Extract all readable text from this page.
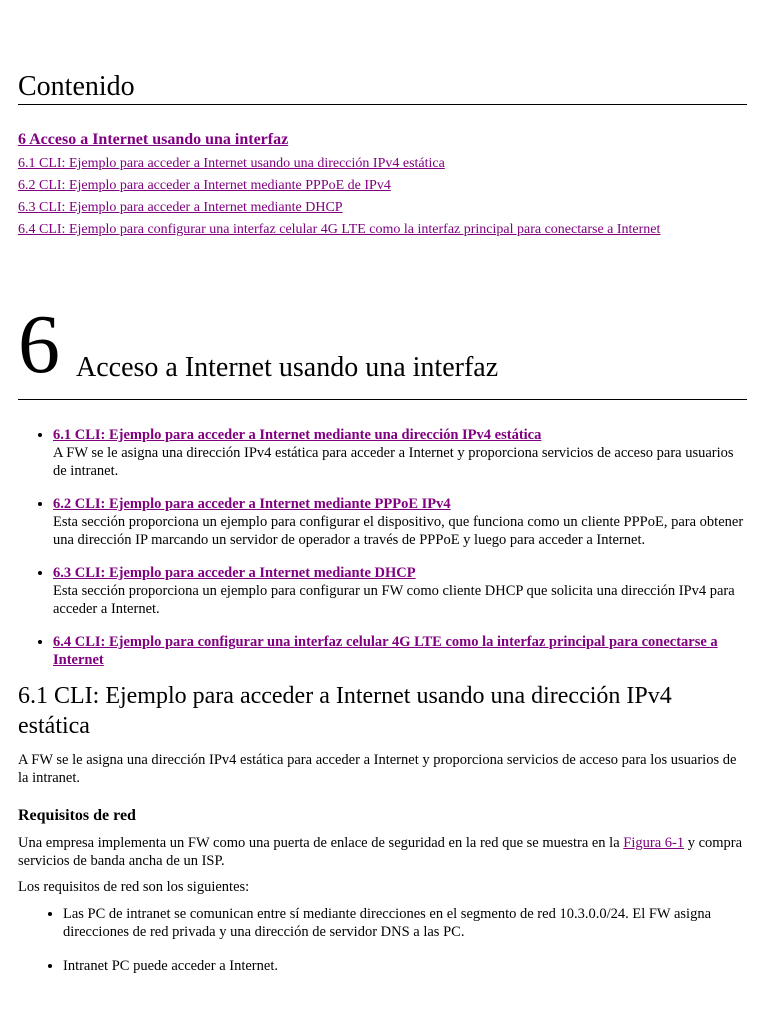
Contenido
6 Acceso a Internet usando una interfaz
6.1 CLI: Ejemplo para acceder a Internet usando una dirección IPv4 estática
6.2 CLI: Ejemplo para acceder a Internet mediante PPPoE de IPv4
6.3 CLI: Ejemplo para acceder a Internet mediante DHCP
6.4 CLI: Ejemplo para configurar una interfaz celular 4G LTE como la interfaz principal para conectarse a Internet
6 Acceso a Internet usando una interfaz
• 6.1 CLI: Ejemplo para acceder a Internet mediante una dirección IPv4 estática
A FW se le asigna una dirección IPv4 estática para acceder a Internet y proporciona servicios de acceso para usuarios de intranet.
• 6.2 CLI: Ejemplo para acceder a Internet mediante PPPoE IPv4
Esta sección proporciona un ejemplo para configurar el dispositivo, que funciona como un cliente PPPoE, para obtener una dirección IP marcando un servidor de operador a través de PPPoE y luego para acceder a Internet.
• 6.3 CLI: Ejemplo para acceder a Internet mediante DHCP
Esta sección proporciona un ejemplo para configurar un FW como cliente DHCP que solicita una dirección IPv4 para acceder a Internet.
• 6.4 CLI: Ejemplo para configurar una interfaz celular 4G LTE como la interfaz principal para conectarse a Internet
6.1 CLI: Ejemplo para acceder a Internet usando una dirección IPv4 estática

A FW se le asigna una dirección IPv4 estática para acceder a Internet y proporciona servicios de acceso para los usuarios de la intranet.

Requisitos de red

Una empresa implementa un FW como una puerta de enlace de seguridad en la red que se muestra en la Figura 6-1 y compra servicios de banda ancha de un ISP.

Los requisitos de red son los siguientes:

• Las PC de intranet se comunican entre sí mediante direcciones en el segmento de red 10.3.0.0/24. El FW asigna direcciones de red privada y una dirección de servidor DNS a las PC.
• Intranet PC puede acceder a Internet.
